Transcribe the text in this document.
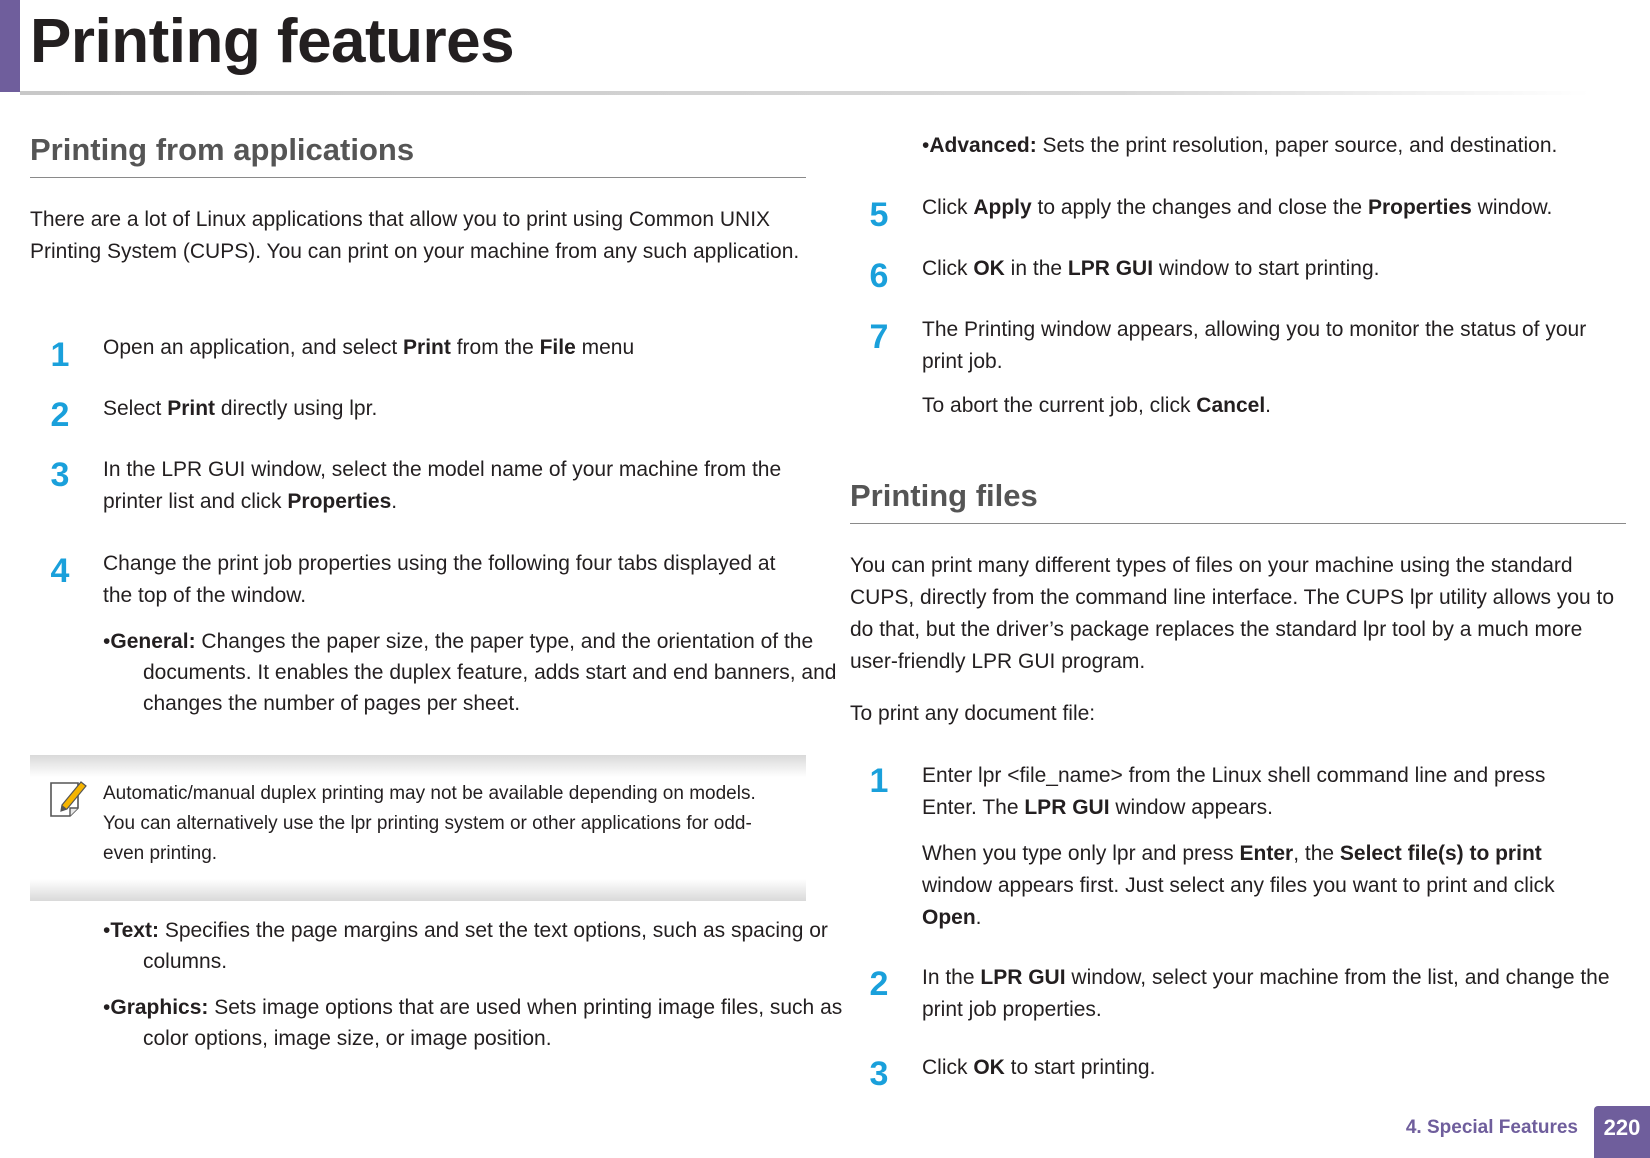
Printing features
Printing from applications

There are a lot of Linux applications that allow you to print using Common UNIX Printing System (CUPS). You can print on your machine from any such application.

1	Open an application, and select Print from the File menu

2	Select Print directly using lpr.

3	In the LPR GUI window, select the model name of your machine from the printer list and click Properties.

4	Change the print job properties using the following four tabs displayed at the top of the window.

•General: Changes the paper size, the paper type, and the orientation of the documents. It enables the duplex feature, adds start and end banners, and changes the number of pages per sheet.

Automatic/manual duplex printing may not be available depending on models. You can alternatively use the lpr printing system or other applications for odd-even printing.

•Text: Specifies the page margins and set the text options, such as spacing or columns.

•Graphics: Sets image options that are used when printing image files, such as color options, image size, or image position.

•Advanced: Sets the print resolution, paper source, and destination.

5	Click Apply to apply the changes and close the Properties window.

6	Click OK in the LPR GUI window to start printing.

7	The Printing window appears, allowing you to monitor the status of your print job.

To abort the current job, click Cancel.

Printing files

You can print many different types of files on your machine using the standard CUPS, directly from the command line interface. The CUPS lpr utility allows you to do that, but the driver’s package replaces the standard lpr tool by a much more user-friendly LPR GUI program.

To print any document file:

1	Enter lpr <file_name> from the Linux shell command line and press Enter. The LPR GUI window appears.

When you type only lpr and press Enter, the Select file(s) to print window appears first. Just select any files you want to print and click Open.

2	In the LPR GUI window, select your machine from the list, and change the print job properties.

3	Click OK to start printing.

4. Special Features	220
